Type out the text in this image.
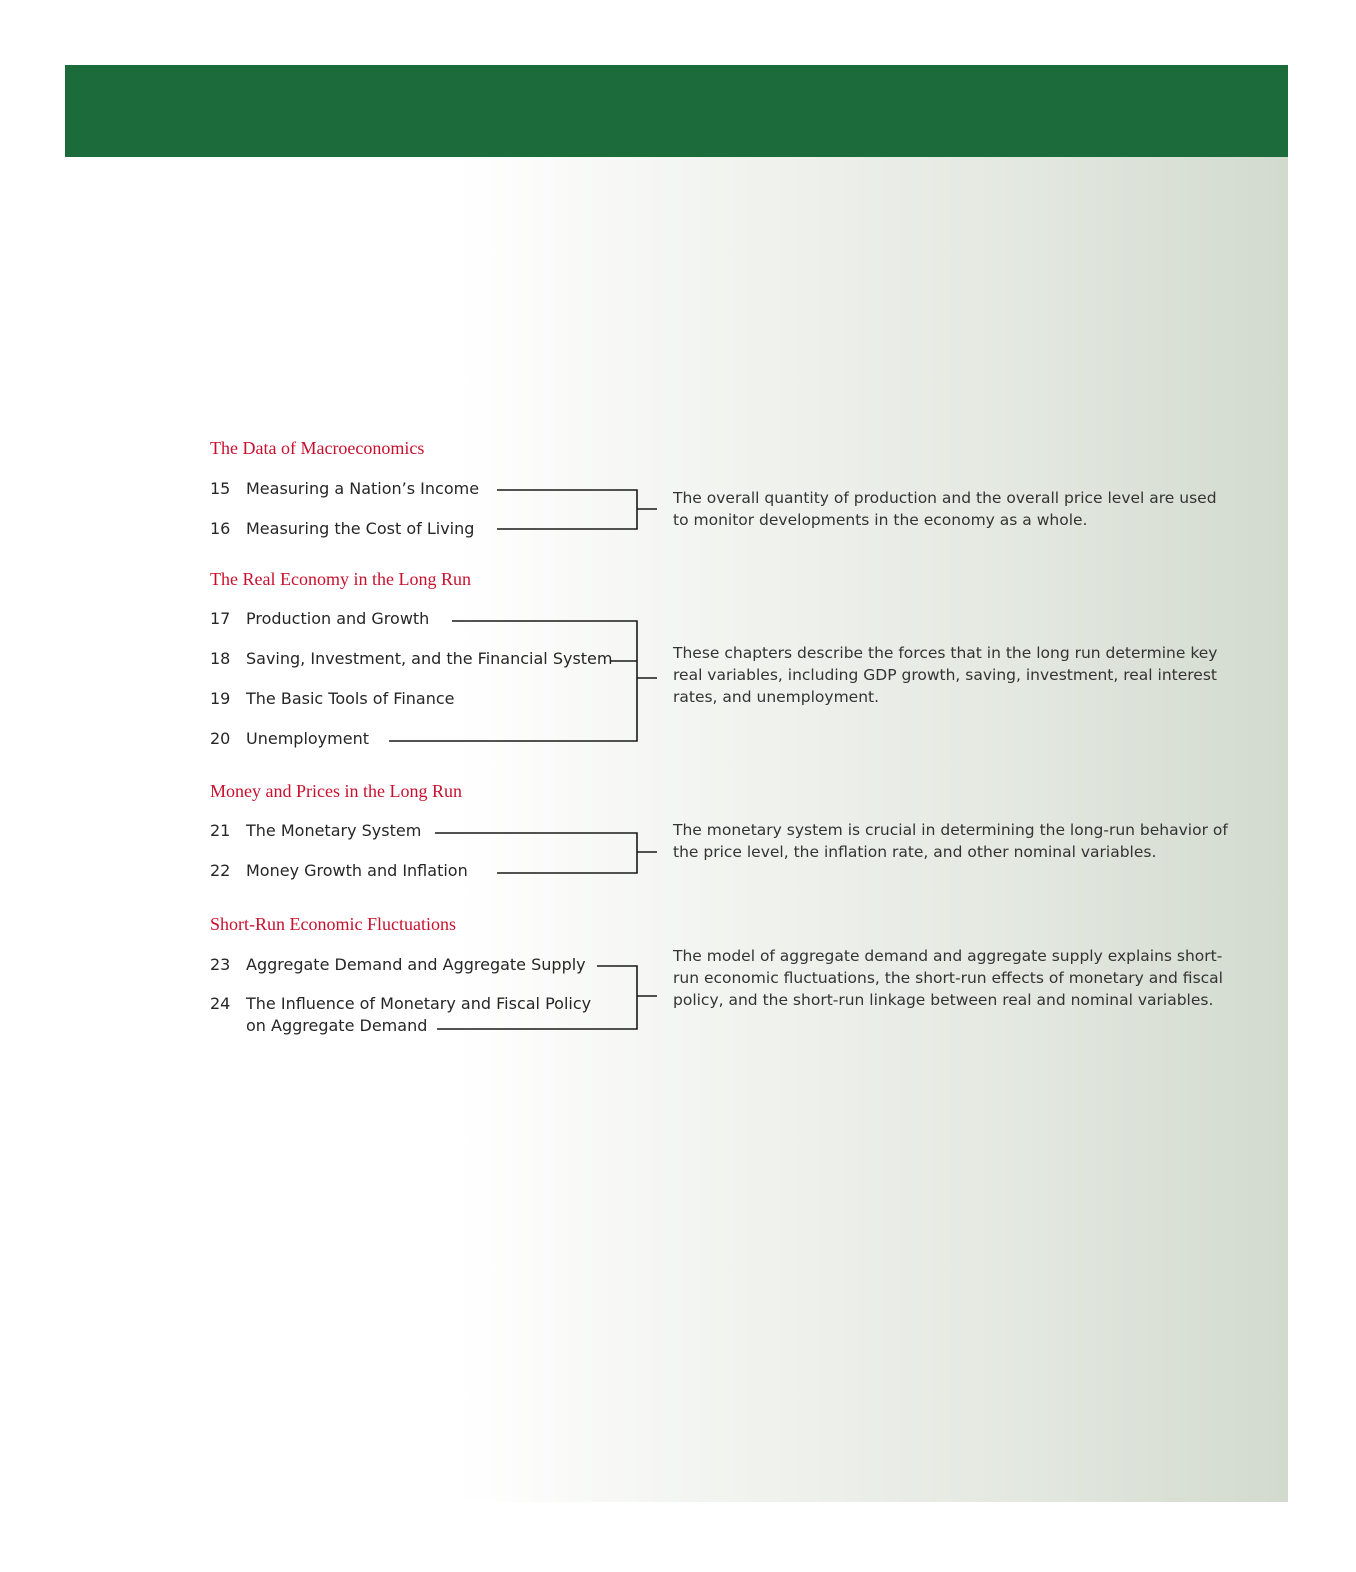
The Data of Macroeconomics
15 Measuring a Nation’s Income
16 Measuring the Cost of Living
The overall quantity of production and the overall price level are used to monitor developments in the economy as a whole.
The Real Economy in the Long Run
17 Production and Growth
18 Saving, Investment, and the Financial System
19 The Basic Tools of Finance
20 Unemployment
These chapters describe the forces that in the long run determine key real variables, including GDP growth, saving, investment, real interest rates, and unemployment.
Money and Prices in the Long Run
21 The Monetary System
22 Money Growth and Inflation
The monetary system is crucial in determining the long-run behavior of the price level, the inflation rate, and other nominal variables.
Short-Run Economic Fluctuations
23 Aggregate Demand and Aggregate Supply
24 The Influence of Monetary and Fiscal Policy
on Aggregate Demand
The model of aggregate demand and aggregate supply explains short-run economic fluctuations, the short-run effects of monetary and fiscal policy, and the short-run linkage between real and nominal variables.
